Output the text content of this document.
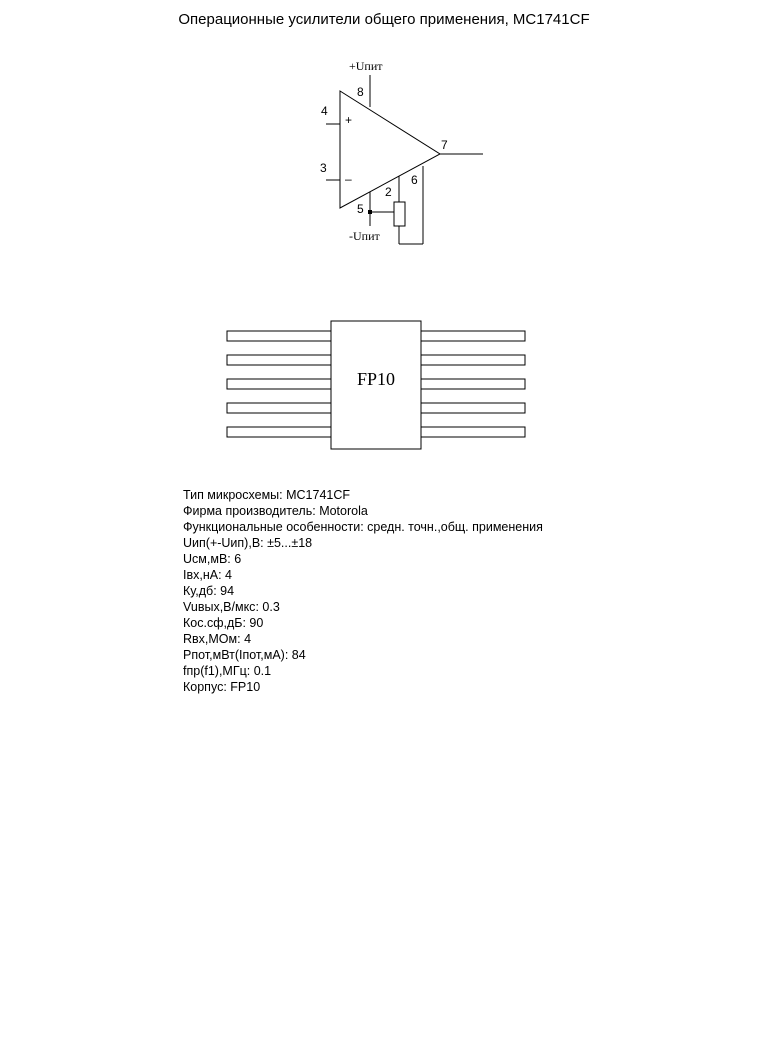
Операционные усилители общего применения, MC1741CF
+Uпит
-Uпит
8
4
3
7
2
6
5
+
–
FP10
Тип микросхемы: MC1741CF
Фирма производитель: Motorola
Функциональные особенности: средн. точн.,общ. применения
Uип(+-Uип),В: ±5...±18
Uсм,мВ: 6
Iвх,нА: 4
Ку,дб: 94
Vuвых,В/мкс: 0.3
Кос.сф,дБ: 90
Rвх,МОм: 4
Pпот,мВт(Iпот,мА): 84
fпр(f1),МГц: 0.1
Корпус: FP10
